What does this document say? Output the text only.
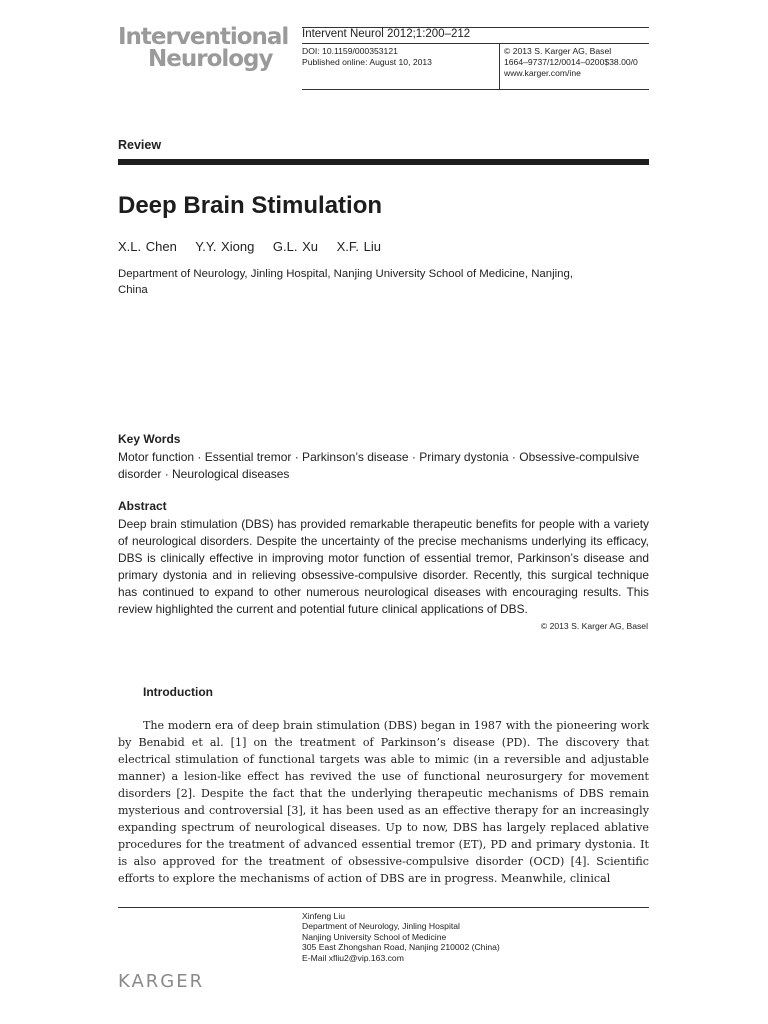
Interventional
Neurology
Intervent Neurol 2012;1:200–212
DOI: 10.1159/000353121
Published online: August 10, 2013
© 2013 S. Karger AG, Basel
1664–9737/12/0014–0200$38.00/0
www.karger.com/ine
Review
Deep Brain Stimulation
X.L. Chen Y.Y. Xiong G.L. Xu X.F. Liu
Department of Neurology, Jinling Hospital, Nanjing University School of Medicine, Nanjing, China
Key Words
Motor function · Essential tremor · Parkinson’s disease · Primary dystonia · Obsessive-compulsive disorder · Neurological diseases
Abstract
Deep brain stimulation (DBS) has provided remarkable therapeutic benefits for people with a variety of neurological disorders. Despite the uncertainty of the precise mechanisms underlying its efficacy, DBS is clinically effective in improving motor function of essential tremor, Parkinson’s disease and primary dystonia and in relieving obsessive-compulsive disorder. Recently, this surgical technique has continued to expand to other numerous neurological diseases with encouraging results. This review highlighted the current and potential future clinical applications of DBS.
© 2013 S. Karger AG, Basel
Introduction

The modern era of deep brain stimulation (DBS) began in 1987 with the pioneering work by Benabid et al. [1] on the treatment of Parkinson’s disease (PD). The discovery that electrical stimulation of functional targets was able to mimic (in a reversible and adjustable manner) a lesion-like effect has revived the use of functional neurosurgery for movement disorders [2]. Despite the fact that the underlying therapeutic mechanisms of DBS remain mysterious and controversial [3], it has been used as an effective therapy for an increasingly expanding spectrum of neurological diseases. Up to now, DBS has largely replaced ablative procedures for the treatment of advanced essential tremor (ET), PD and primary dystonia. It is also approved for the treatment of obsessive-compulsive disorder (OCD) [4]. Scientific efforts to explore the mechanisms of action of DBS are in progress. Meanwhile, clinical

Xinfeng Liu
Department of Neurology, Jinling Hospital
Nanjing University School of Medicine
305 East Zhongshan Road, Nanjing 210002 (China)
E-Mail xfliu2@vip.163.com
KARGER
